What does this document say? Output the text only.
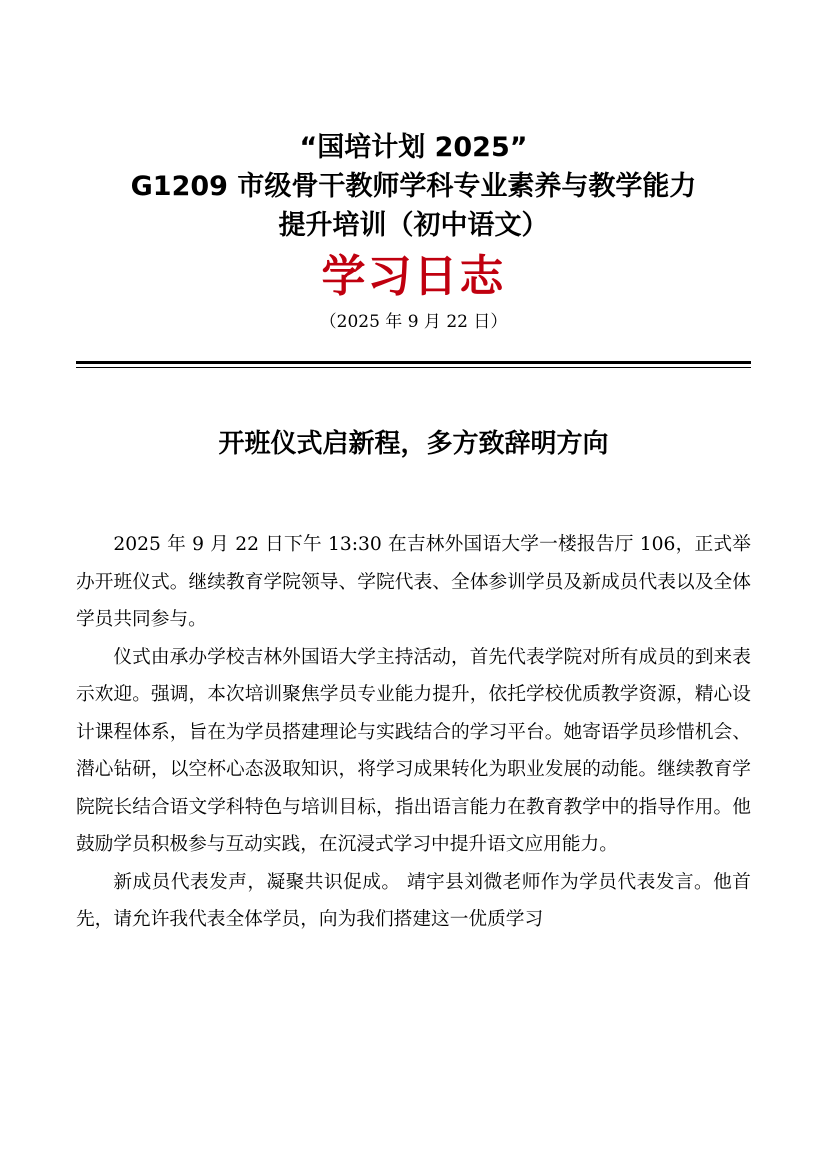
“国培计划 2025”

G1209 市级骨干教师学科专业素养与教学能力

提升培训（初中语文）

学习日志

（2025 年 9 月 22 日）

开班仪式启新程，多方致辞明方向

2025 年 9 月 22 日下午 13:30 在吉林外国语大学一楼报告厅 106，正式举办开班仪式。继续教育学院领导、学院代表、全体参训学员及新成员代表以及全体学员共同参与。

仪式由承办学校吉林外国语大学主持活动，首先代表学院对所有成员的到来表示欢迎。强调，本次培训聚焦学员专业能力提升，依托学校优质教学资源，精心设计课程体系，旨在为学员搭建理论与实践结合的学习平台。她寄语学员珍惜机会、潜心钻研，以空杯心态汲取知识，将学习成果转化为职业发展的动能。继续教育学院院长结合语文学科特色与培训目标，指出语言能力在教育教学中的指导作用。他鼓励学员积极参与互动实践，在沉浸式学习中提升语文应用能力。

新成员代表发声，凝聚共识促成。 靖宇县刘微老师作为学员代表发言。他首先，请允许我代表全体学员，向为我们搭建这一优质学习
